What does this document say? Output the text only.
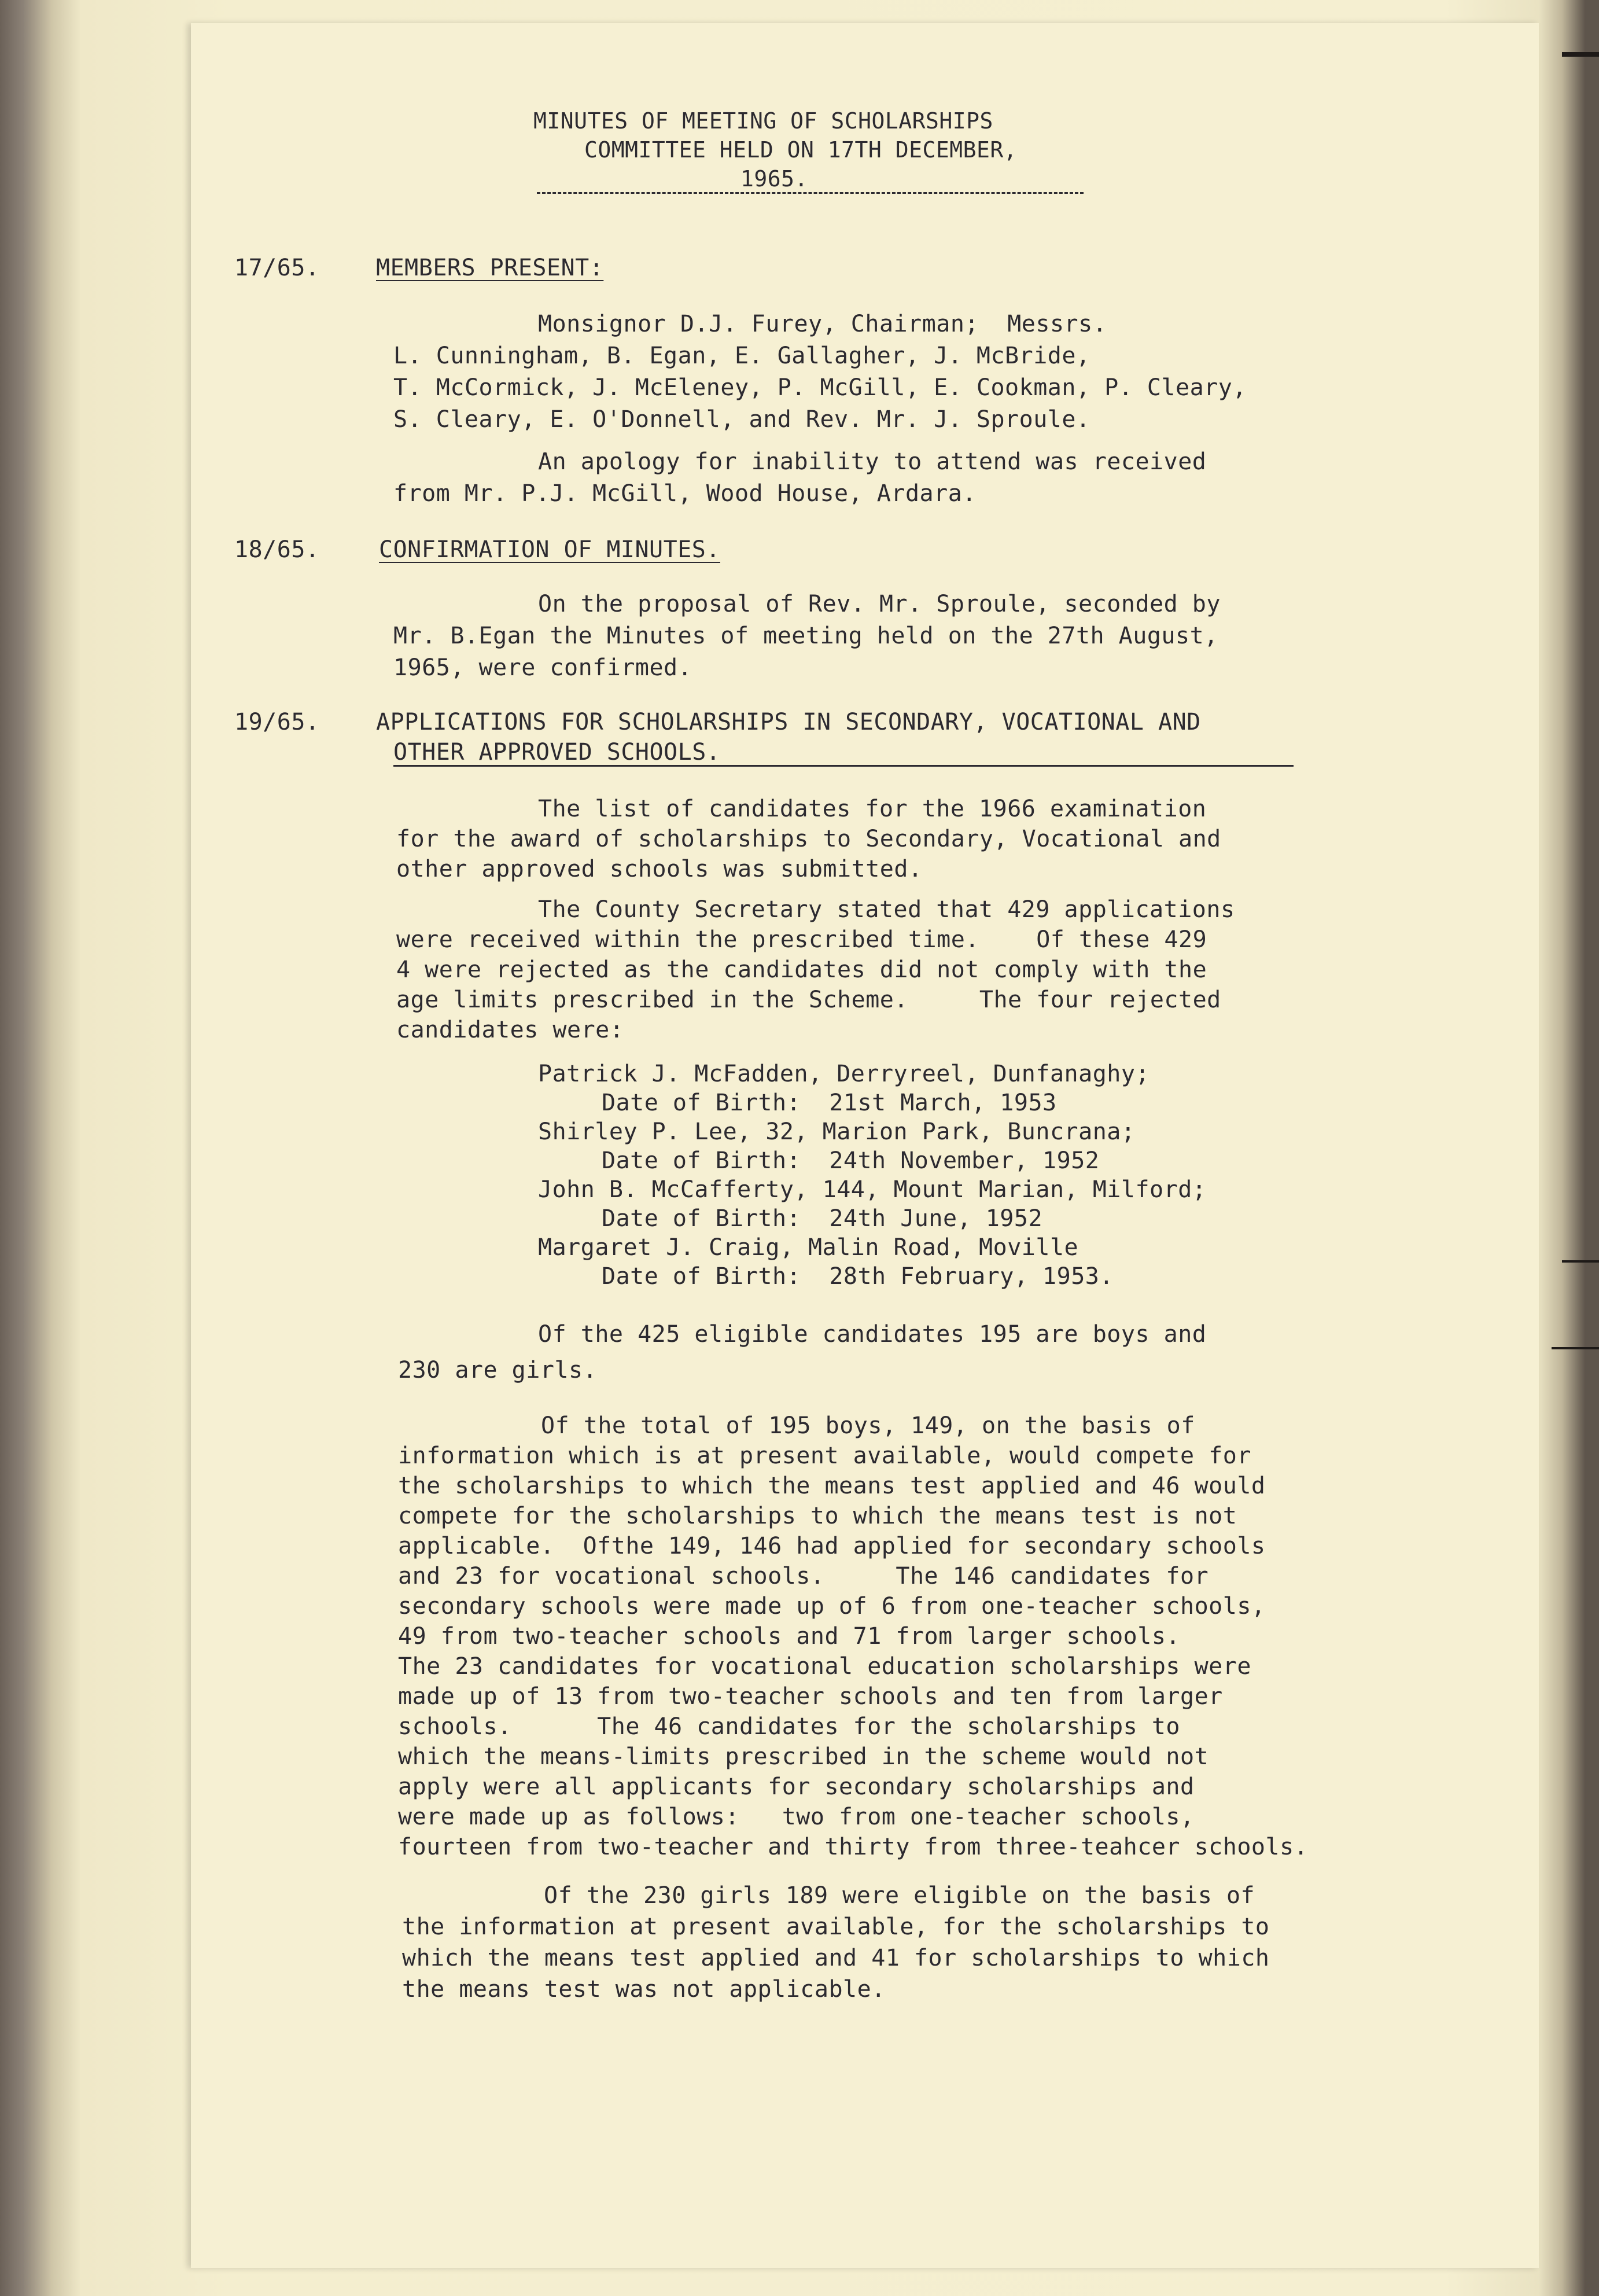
MINUTES OF MEETING OF SCHOLARSHIPS
COMMITTEE HELD ON 17TH DECEMBER,
1965.
17/65. MEMBERS PRESENT:
Monsignor D.J. Furey, Chairman;  Messrs.
L. Cunningham, B. Egan, E. Gallagher, J. McBride,
T. McCormick, J. McEleney, P. McGill, E. Cookman, P. Cleary,
S. Cleary, E. O'Donnell, and Rev. Mr. J. Sproule.
An apology for inability to attend was received
from Mr. P.J. McGill, Wood House, Ardara.
18/65.	CONFIRMATION OF MINUTES.
On the proposal of Rev. Mr. Sproule, seconded by
Mr. B.Egan the Minutes of meeting held on the 27th August,
1965, were confirmed.
19/65. APPLICATIONS FOR SCHOLARSHIPS IN SECONDARY, VOCATIONAL AND
OTHER APPROVED SCHOOLS.
The list of candidates for the 1966 examination
for the award of scholarships to Secondary, Vocational and
other approved schools was submitted.
The County Secretary stated that 429 applications
were received within the prescribed time.    Of these 429
4 were rejected as the candidates did not comply with the
age limits prescribed in the Scheme.     The four rejected
candidates were:
Patrick J. McFadden, Derryreel, Dunfanaghy;
Date of Birth:  21st March, 1953
Shirley P. Lee, 32, Marion Park, Buncrana;
Date of Birth:  24th November, 1952
John B. McCafferty, 144, Mount Marian, Milford;
Date of Birth:  24th June, 1952
Margaret J. Craig, Malin Road, Moville
Date of Birth:  28th February, 1953.
Of the 425 eligible candidates 195 are boys and
230 are girls.
Of the total of 195 boys, 149, on the basis of
information which is at present available, would compete for
the scholarships to which the means test applied and 46 would
compete for the scholarships to which the means test is not
applicable.  Ofthe 149, 146 had applied for secondary schools
and 23 for vocational schools.     The 146 candidates for
secondary schools were made up of 6 from one-teacher schools,
49 from two-teacher schools and 71 from larger schools.
The 23 candidates for vocational education scholarships were
made up of 13 from two-teacher schools and ten from larger
schools.      The 46 candidates for the scholarships to
which the means-limits prescribed in the scheme would not
apply were all applicants for secondary scholarships and
were made up as follows:   two from one-teacher schools,
fourteen from two-teacher and thirty from three-teahcer schools.
Of the 230 girls 189 were eligible on the basis of
the information at present available, for the scholarships to
which the means test applied and 41 for scholarships to which
the means test was not applicable.
